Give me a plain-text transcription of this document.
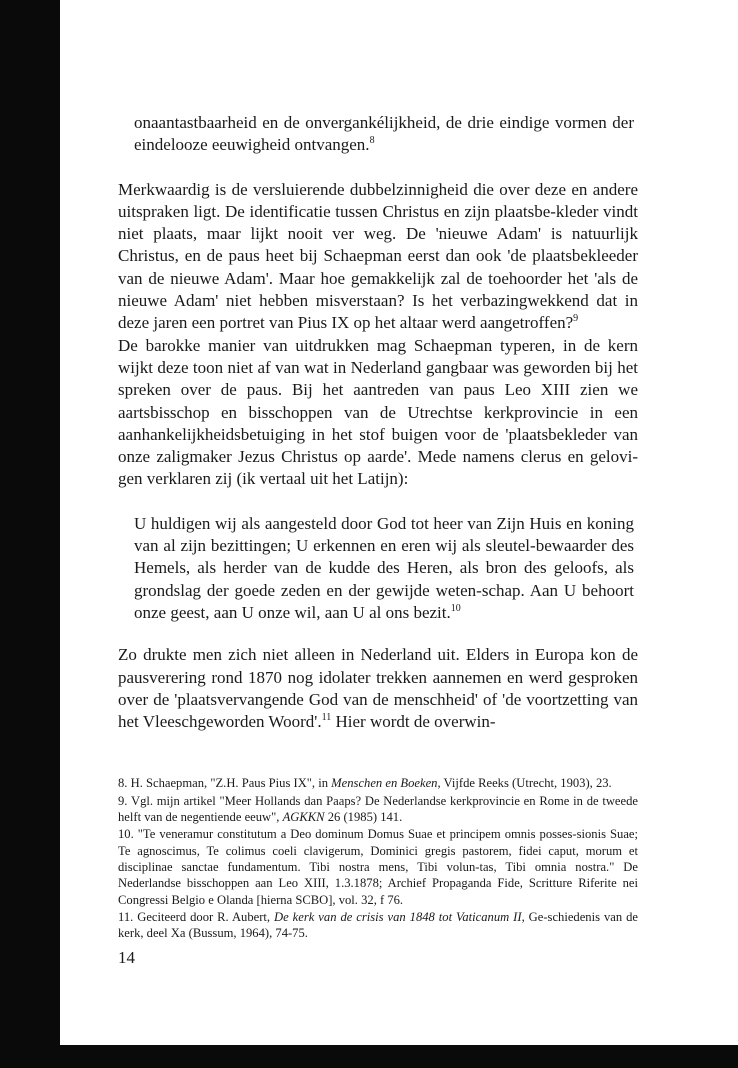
onaantastbaarheid en de onvergankélijkheid, de drie eindige vormen der eindelooze eeuwigheid ontvangen.$^8$

Merkwaardig is de versluierende dubbelzinnigheid die over deze en andere uitspraken ligt. De identificatie tussen Christus en zijn plaatsbe-kleder vindt niet plaats, maar lijkt nooit ver weg. De 'nieuwe Adam' is natuurlijk Christus, en de paus heet bij Schaepman eerst dan ook 'de plaatsbekleeder van de nieuwe Adam'. Maar hoe gemakkelijk zal de toehoorder het 'als de nieuwe Adam' niet hebben misverstaan? Is het verbazingwekkend dat in deze jaren een portret van Pius IX op het altaar werd aangetroffen?$^9$

De barokke manier van uitdrukken mag Schaepman typeren, in de kern wijkt deze toon niet af van wat in Nederland gangbaar was geworden bij het spreken over de paus. Bij het aantreden van paus Leo XIII zien we aartsbisschop en bisschoppen van de Utrechtse kerkprovincie in een aanhankelijkheidsbetuiging in het stof buigen voor de 'plaatsbekleder van onze zaligmaker Jezus Christus op aarde'. Mede namens clerus en gelovi-gen verklaren zij (ik vertaal uit het Latijn):

U huldigen wij als aangesteld door God tot heer van Zijn Huis en koning van al zijn bezittingen; U erkennen en eren wij als sleutel-bewaarder des Hemels, als herder van de kudde des Heren, als bron des geloofs, als grondslag der goede zeden en der gewijde weten-schap. Aan U behoort onze geest, aan U onze wil, aan U al ons bezit.$^{10}$

Zo drukte men zich niet alleen in Nederland uit. Elders in Europa kon de pausverering rond 1870 nog idolater trekken aannemen en werd gesproken over de 'plaatsvervangende God van de menschheid' of 'de voortzetting van het Vleeschgeworden Woord'.$^{11}$ Hier wordt de overwin-

8. H. Schaepman, "Z.H. Paus Pius IX", in Menschen en Boeken, Vijfde Reeks (Utrecht, 1903), 23.

9. Vgl. mijn artikel "Meer Hollands dan Paaps? De Nederlandse kerkprovincie en Rome in de tweede helft van de negentiende eeuw", AGKKN 26 (1985) 141.

10. "Te veneramur constitutum a Deo dominum Domus Suae et principem omnis posses-sionis Suae; Te agnoscimus, Te colimus coeli clavigerum, Dominici gregis pastorem, fidei caput, morum et disciplinae sanctae fundamentum. Tibi nostra mens, Tibi volun-tas, Tibi omnia nostra." De Nederlandse bisschoppen aan Leo XIII, 1.3.1878; Archief Propaganda Fide, Scritture Riferite nei Congressi Belgio e Olanda [hierna SCBO], vol. 32, f 76.

11. Geciteerd door R. Aubert, De kerk van de crisis van 1848 tot Vaticanum II, Ge-schiedenis van de kerk, deel Xa (Bussum, 1964), 74-75.

14
